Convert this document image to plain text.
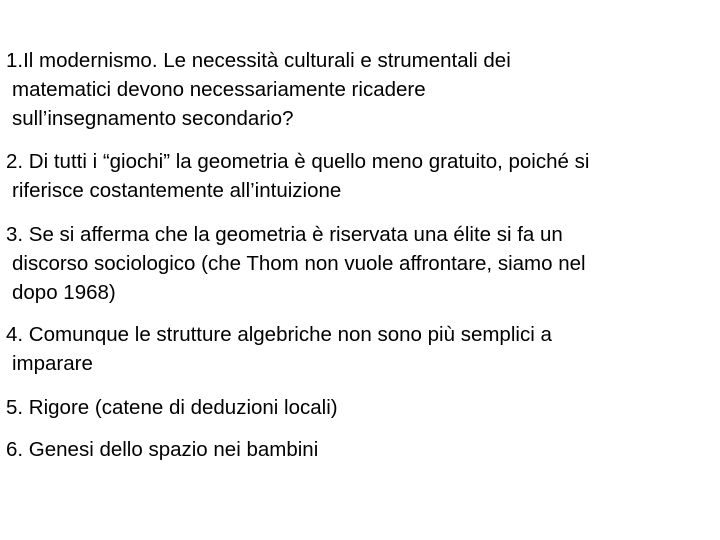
1.Il modernismo. Le necessità culturali e strumentali dei
matematici devono necessariamente ricadere
sull’insegnamento secondario?
2. Di tutti i “giochi” la geometria è quello meno gratuito, poiché si
riferisce costantemente all’intuizione
3. Se si afferma che la geometria è riservata una élite si fa un
discorso sociologico (che Thom non vuole affrontare, siamo nel
dopo 1968)
4. Comunque le strutture algebriche non sono più semplici a
imparare
5. Rigore (catene di deduzioni locali)
6. Genesi dello spazio nei bambini
